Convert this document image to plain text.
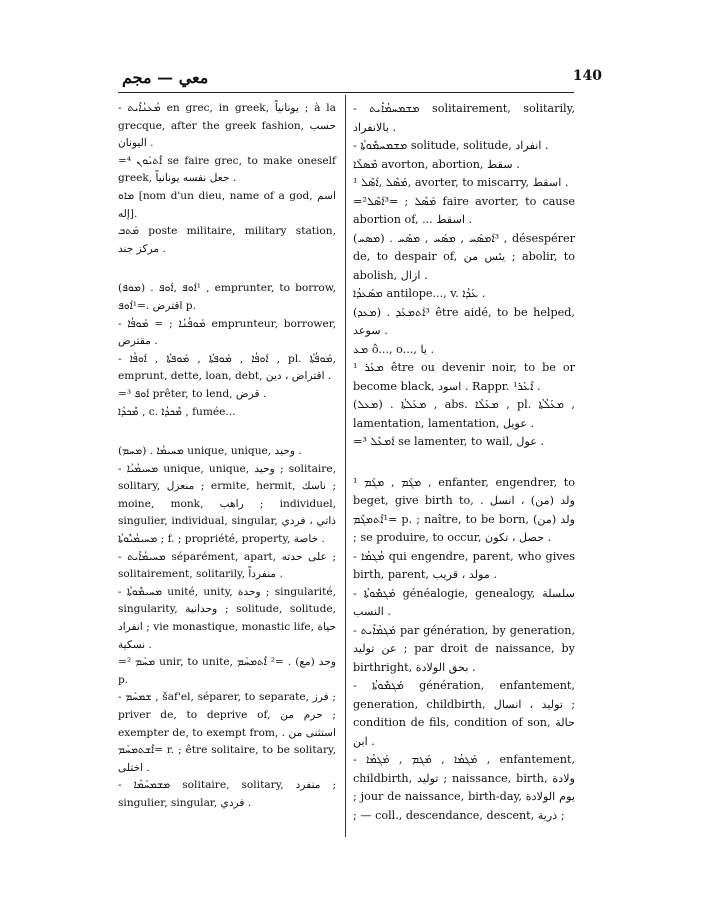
معي — مجم	140

- ܡܳܥܢܳܐܺܝܬ en grec, in greek, يونانياً ; à la grecque, after the greek fashion, حسب اليونان .

=⁴ ܐܶܬܝܰܘܢ se faire grec, to make oneself greek, جعل نفسه يونانياً .

ܡܐܘ [nom d'un dieu, name of a god, اسم إله].

ܡܰܬܒ poste militaire, military station, مركز جند .

(ܡܘܦ) . ¹ܐܰܘܦ ,ܐܰܘܦ , emprunter, to borrow, اقترض .=¹ܐܰܘܦ p.

- ܡܰܘܦܳܢܳܐ ; = ܡܰܘܦܳܐ emprunteur, borrower, مقترض .

- ܐܰܘܦܳܐ , ܡܰܘܦܬܳܐ , ܡܰܘܦܬܳܐ , ܐܰܘܦܳܐ , pl. ܡܰܘܦܳܬܳܐ, emprunt, dette, loan, debt, اقتراض ، دين .

=³ ܐܰܘܦ prêter, to lend, قرض .

ܡܶܟܕܳܐ , c. ܡܶܟܕܳܐ , fumée...

(ܡܚܡ) . ܡܚܝܡܳܐ unique, unique, وحيد .

- ܡܚܝܡܳܝܳܐ unique, unique, وحيد ; solitaire, solitary, منعزل ; ermite, hermit, ناسك ; moine, monk, راهب ; individuel, singulier, individual, singular, ذاتي ، فردي ; ܡܚܝܡܳܝܽܘܬܳܐ f. ; propriété, property, خاصة .

- ܡܚܝܡܳܐܺܝܬ séparément, apart, على حدته ; solitairement, solitarily, منفرداً .

- ܡܚܝܡܽܘܬܳܐ unité, unity, وحدة ; singularité, singularity, وحدانية ; solitude, solitude, انفراد ; vie monastique, monastic life, حياة نسكية .

=² ܡܚܰܡ unir, to unite, وحد (مع) . =² ܐܶܬܡܚܰܡ p.

- ܫܡܚܰܡ , šaf'el, séparer, to separate, فرز ; priver de, to deprive of, حرم من ; exempter de, to exempt from, استثنى من . =ܐܶܫܬܡܚܰܡ r. ; être solitaire, to be solitary, اختلى .

- ܡܫܡܚܰܡܳܐ solitaire, solitary, منفرد ; singulier, singular, فردي .

- ܡܫܡܚܡܳܐܺܝܬ solitairement, solitarily, بالانفراد .

- ܡܫܡܚܡܽܘܬܳܐ solitude, solitude, انفراد .

ܡܶܣܠܳܐ avorton, abortion, سقط .

ܡܰܣܶܠ ,ܐܰܣܶܠ ¹, avorter, to miscarry, اسقط .

=²ܡܰܣܶܠ ; =³ܐܰܣܶܠ faire avorter, to cause abortion of, ... اسقط .

(ܡܣܚ) . ³ܐܰܡܣܰܚ , ܡܣܰܚ , ܡܣܰܚ , désespérer de, to despair of, يئس من ; abolir, to abolish, ازال .

ܡܣܰܥܕܳܐ antilope..., v. ܥܰܕܳܐ .

(ܡܥܕ) . ³ܐܰܬܡܥܰܕ être aidé, to be helped, سوعد .

ܡܥ ô..., o..., يا .

¹ ܡܥܰܪ être ou devenir noir, to be or become black, اسود . Rappr. ¹ܐܶܥܰܪ .

(ܡܥܠ) . ܡܥܰܠܬܳܐ , abs. ܡܥܰܠܳܐ , pl. ܡܥܰܠܳܬܳܐ , lamentation, lamentation, عويل .

=³ ܐܰܡܥܶܠ se lamenter, to wail, عول .

¹ ܡܓܰܡ , ܡܓܰܡ , enfanter, engendrer, to beget, give birth to, ولد (من) ، انسل . =¹ܐܶܬܡܓܶܡ p. ; naître, to be born, ولد (من) ; se produire, to occur, حصل ، تكون .

- ܡܳܓܡܳܐ qui engendre, parent, who gives birth, parent, مولد ، قريب .

- ܡܰܓܡܽܘܬܳܐ généalogie, genealogy, سلسلة النسب .

- ܡܰܓܡܳܐܺܝܬ par génération, by generation, عن توليد ; par droit de naissance, by birthright, بحق الولادة .

- ܡܰܓܡܽܘܬܳܐ génération, enfantement, generation, childbirth, توليد ، انسال ; condition de fils, condition of son, حالة ابن .

- ܡܰܓܡܳܐ , ܡܰܓܡ , ܡܰܓܡܳܐ , enfantement, childbirth, توليد ; naissance, birth, ولادة ; jour de naissance, birth-day, يوم الولادة ; — coll., descendance, descent, ذرية ;
